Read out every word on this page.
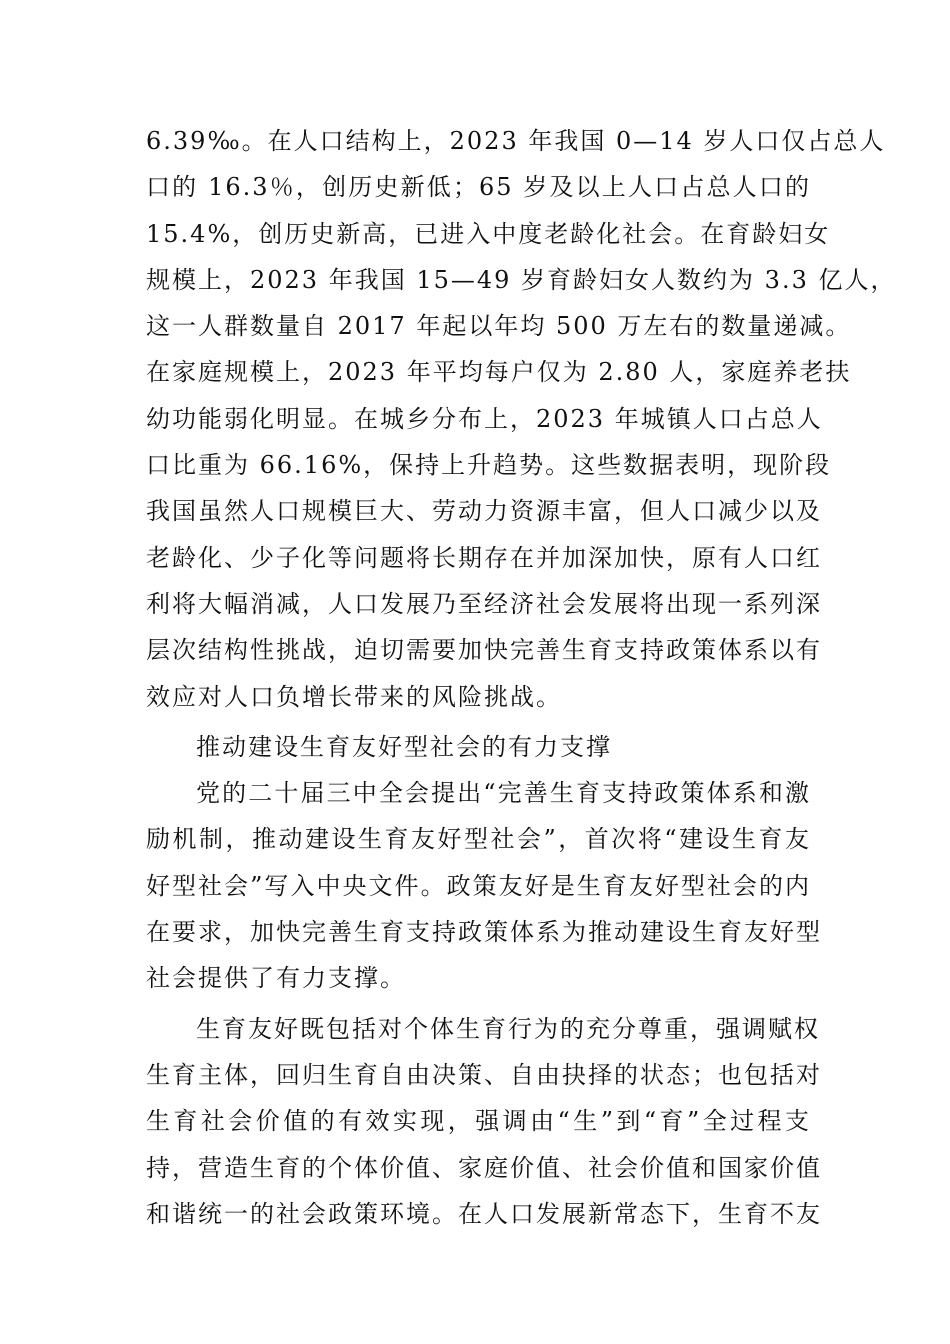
6.39‰。在人口结构上，2023 年我国 0—14 岁人口仅占总人
口的 16.3％，创历史新低；65 岁及以上人口占总人口的
15.4%，创历史新高，已进入中度老龄化社会。在育龄妇女
规模上，2023 年我国 15—49 岁育龄妇女人数约为 3.3 亿人，
这一人群数量自 2017 年起以年均 500 万左右的数量递减。
在家庭规模上，2023 年平均每户仅为 2.80 人，家庭养老扶
幼功能弱化明显。在城乡分布上，2023 年城镇人口占总人
口比重为 66.16%，保持上升趋势。这些数据表明，现阶段
我国虽然人口规模巨大、劳动力资源丰富，但人口减少以及
老龄化、少子化等问题将长期存在并加深加快，原有人口红
利将大幅消减，人口发展乃至经济社会发展将出现一系列深
层次结构性挑战，迫切需要加快完善生育支持政策体系以有
效应对人口负增长带来的风险挑战。
推动建设生育友好型社会的有力支撑
党的二十届三中全会提出“完善生育支持政策体系和激
励机制，推动建设生育友好型社会”，首次将“建设生育友
好型社会”写入中央文件。政策友好是生育友好型社会的内
在要求，加快完善生育支持政策体系为推动建设生育友好型
社会提供了有力支撑。
生育友好既包括对个体生育行为的充分尊重，强调赋权
生育主体，回归生育自由决策、自由抉择的状态；也包括对
生育社会价值的有效实现，强调由“生”到“育”全过程支
持，营造生育的个体价值、家庭价值、社会价值和国家价值
和谐统一的社会政策环境。在人口发展新常态下，生育不友
